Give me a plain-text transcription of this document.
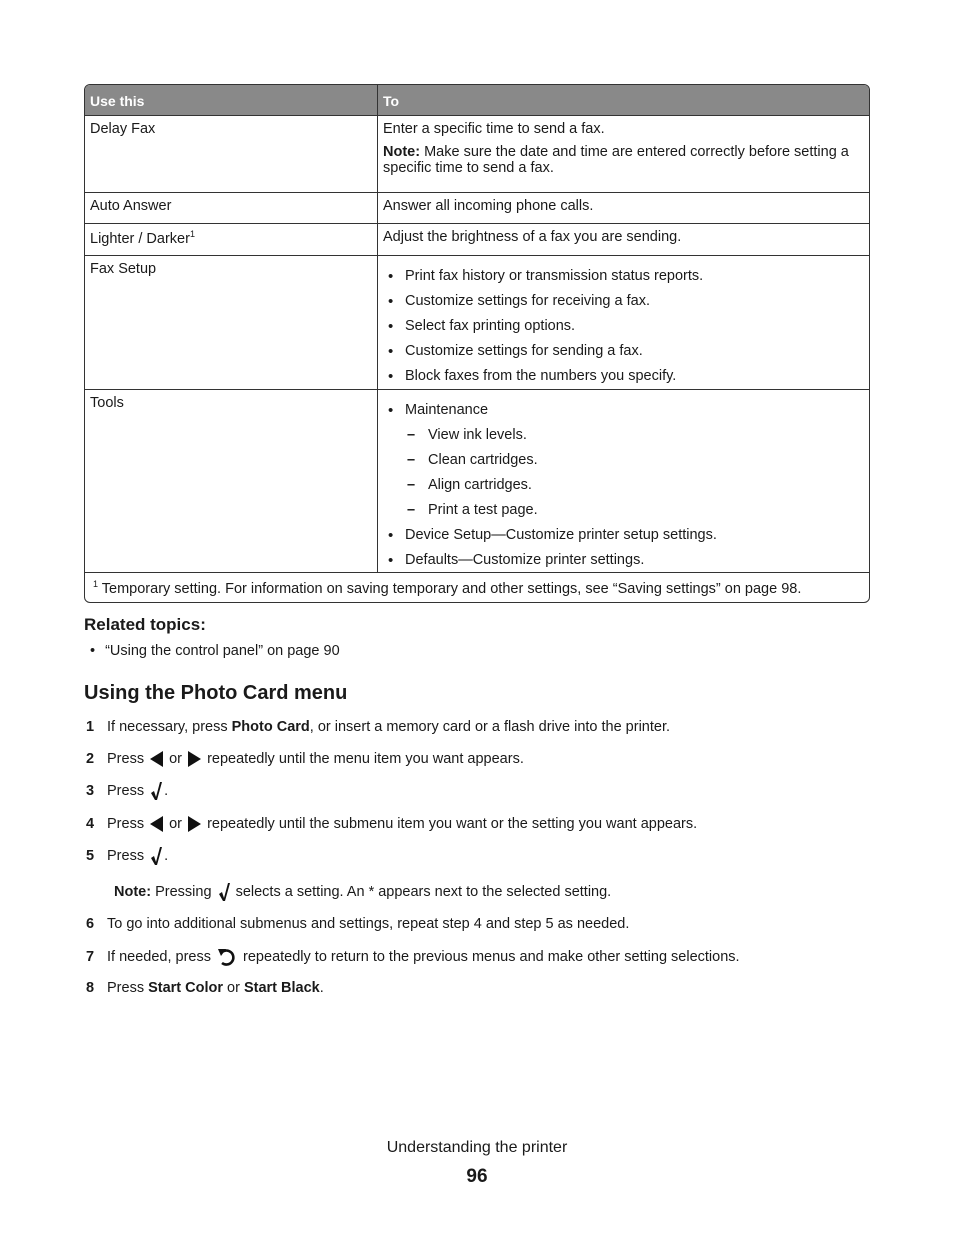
Use this	To
Delay Fax	Enter a specific time to send a fax.

Note: Make sure the date and time are entered correctly before setting a specific time to send a fax.

Auto Answer	Answer all incoming phone calls.
Lighter / Darker$^1$	Adjust the brightness of a fax you are sending.
Fax Setup	• Print fax history or transmission status reports.
• Customize settings for receiving a fax.
• Select fax printing options.
• Customize settings for sending a fax.
• Block faxes from the numbers you specify.
Tools	• Maintenance
– View ink levels.
– Clean cartridges.
– Align cartridges.
– Print a test page.
• Device Setup—Customize printer setup settings.
• Defaults—Customize printer settings.
$^1$ Temporary setting. For information on saving temporary and other settings, see “Saving settings” on page 98.
Related topics:
• “Using the control panel” on page 90
Using the Photo Card menu
1 If necessary, press Photo Card, or insert a memory card or a flash drive into the printer.
2 Press  or  repeatedly until the menu item you want appears.
3 Press .
4 Press  or  repeatedly until the submenu item you want or the setting you want appears.
5 Press .
Note: Pressing  selects a setting. An * appears next to the selected setting.
6 To go into additional submenus and settings, repeat step 4 and step 5 as needed.
7 If needed, press  repeatedly to return to the previous menus and make other setting selections.
8 Press Start Color or Start Black.
Understanding the printer
96
